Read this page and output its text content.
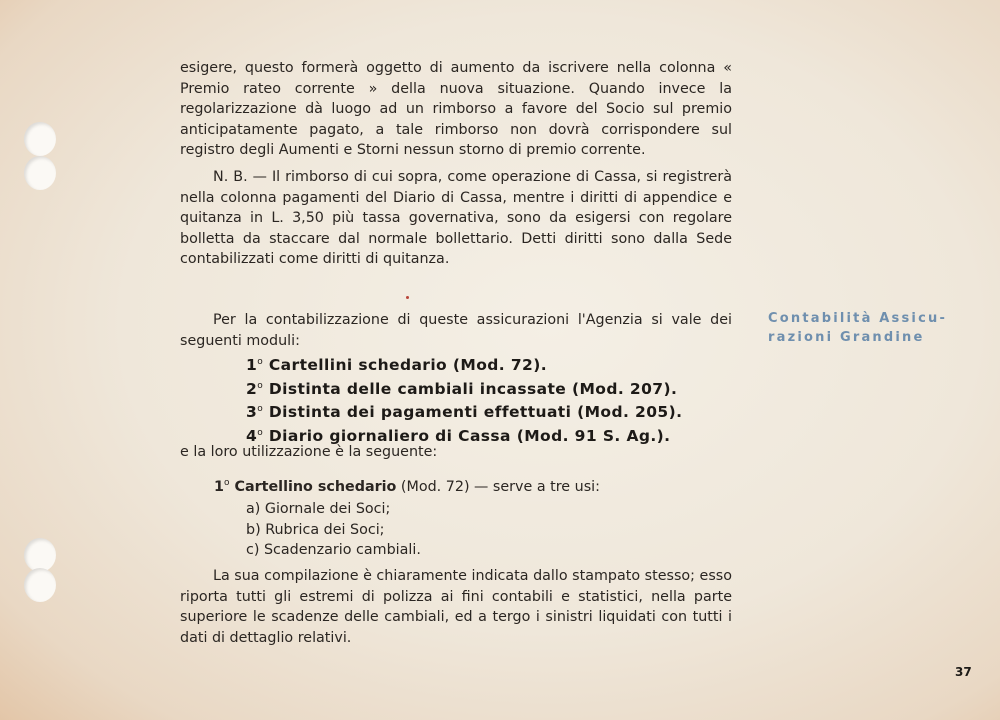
esigere, questo formerà oggetto di aumento da iscrivere nella colonna « Premio rateo corrente » della nuova situazione. Quando invece la regolarizzazione dà luogo ad un rimborso a favore del Socio sul premio anticipatamente pagato, a tale rimborso non dovrà corrispondere sul registro degli Aumenti e Storni nessun storno di premio corrente.

N. B. — Il rimborso di cui sopra, come operazione di Cassa, si registrerà nella colonna pagamenti del Diario di Cassa, mentre i diritti di appendice e quitanza in L. 3,50 più tassa governativa, sono da esigersi con regolare bolletta da staccare dal normale bollettario. Detti diritti sono dalla Sede contabilizzati come diritti di quitanza.

Per la contabilizzazione di queste assicurazioni l'Agenzia si vale dei seguenti moduli:

1$^o$ Cartellini schedario (Mod. 72).
2$^o$ Distinta delle cambiali incassate (Mod. 207).
3$^o$ Distinta dei pagamenti effettuati (Mod. 205).
4$^o$ Diario giornaliero di Cassa (Mod. 91 S. Ag.).

e la loro utilizzazione è la seguente:

1$^o$ Cartellino schedario (Mod. 72) — serve a tre usi:
a) Giornale dei Soci;
b) Rubrica dei Soci;
c) Scadenzario cambiali.

La sua compilazione è chiaramente indicata dallo stampato stesso; esso riporta tutti gli estremi di polizza ai fini contabili e statistici, nella parte superiore le scadenze delle cambiali, ed a tergo i sinistri liquidati con tutti i dati di dettaglio relativi.

Contabilità Assicu-
razioni Grandine
37
